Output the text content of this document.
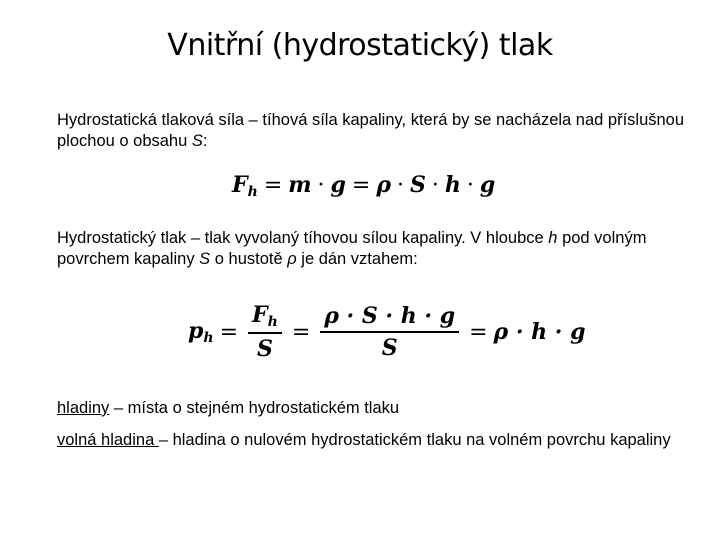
Vnitřní (hydrostatický) tlak
Hydrostatická tlaková síla – tíhová síla kapaliny, která by se nacházela nad příslušnou plochou o obsahu S:
$F_h = m \cdot g = \rho \cdot S \cdot h \cdot g$
Hydrostatický tlak – tlak vyvolaný tíhovou sílou kapaliny. V hloubce h pod volným povrchem kapaliny S o hustotě ρ je dán vztahem:
$p_h = \frac{F_h}{S} = \frac{\rho \cdot S \cdot h \cdot g}{S} = \rho \cdot h \cdot g$
hladiny – místa o stejném hydrostatickém tlaku
volná hladina – hladina o nulovém hydrostatickém tlaku na volném povrchu kapaliny
